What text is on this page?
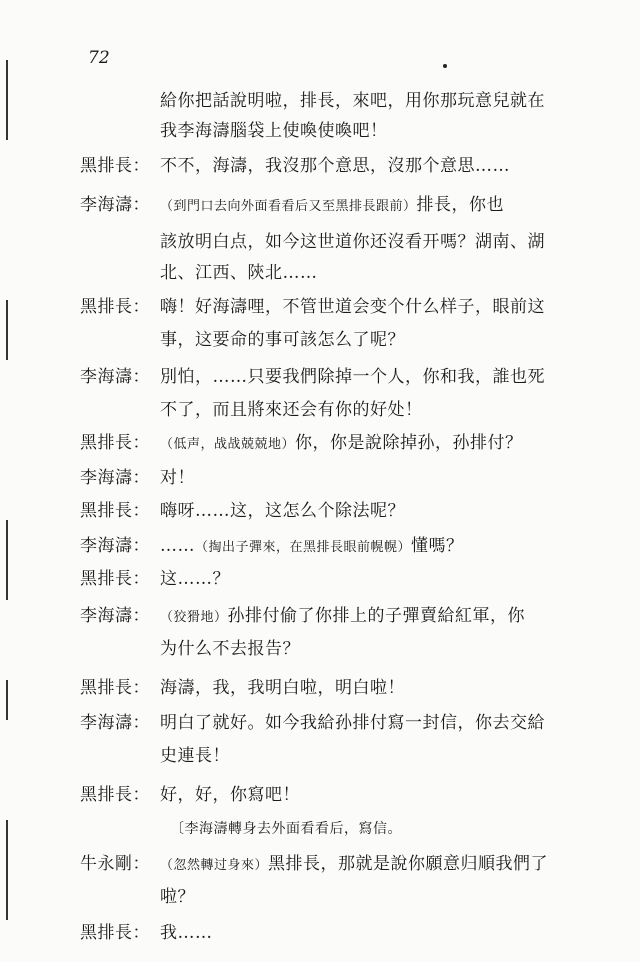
72
給你把話說明啦，排長，來吧，用你那玩意兒就在
我李海濤腦袋上使喚使喚吧！
黑排長： 不不，海濤，我沒那个意思，沒那个意思……
李海濤： （到門口去向外面看看后又至黑排長跟前）排長，你也
該放明白点，如今这世道你还沒看开嗎？湖南、湖
北、江西、陝北……
黑排長： 嗨！好海濤哩，不管世道会变个什么样子，眼前这
事，这要命的事可該怎么了呢？
李海濤： 別怕，……只要我們除掉一个人，你和我，誰也死
不了，而且將來还会有你的好处！
黑排長： （低声，战战兢兢地）你，你是說除掉孙，孙排付？
李海濤： 对！
黑排長： 嗨呀……这，这怎么个除法呢？
李海濤： ……（掏出子彈來，在黑排長眼前幌幌）懂嗎？
黑排長： 这……？
李海濤： （狡猾地）孙排付偷了你排上的子彈賣給紅軍，你
为什么不去报告？
黑排長： 海濤，我，我明白啦，明白啦！
李海濤： 明白了就好。如今我給孙排付寫一封信，你去交給
史連長！
黑排長： 好，好，你寫吧！
〔李海濤轉身去外面看看后，寫信。
牛永剛： （忽然轉过身來）黑排長，那就是說你願意归順我們了
啦？
黑排長： 我……
